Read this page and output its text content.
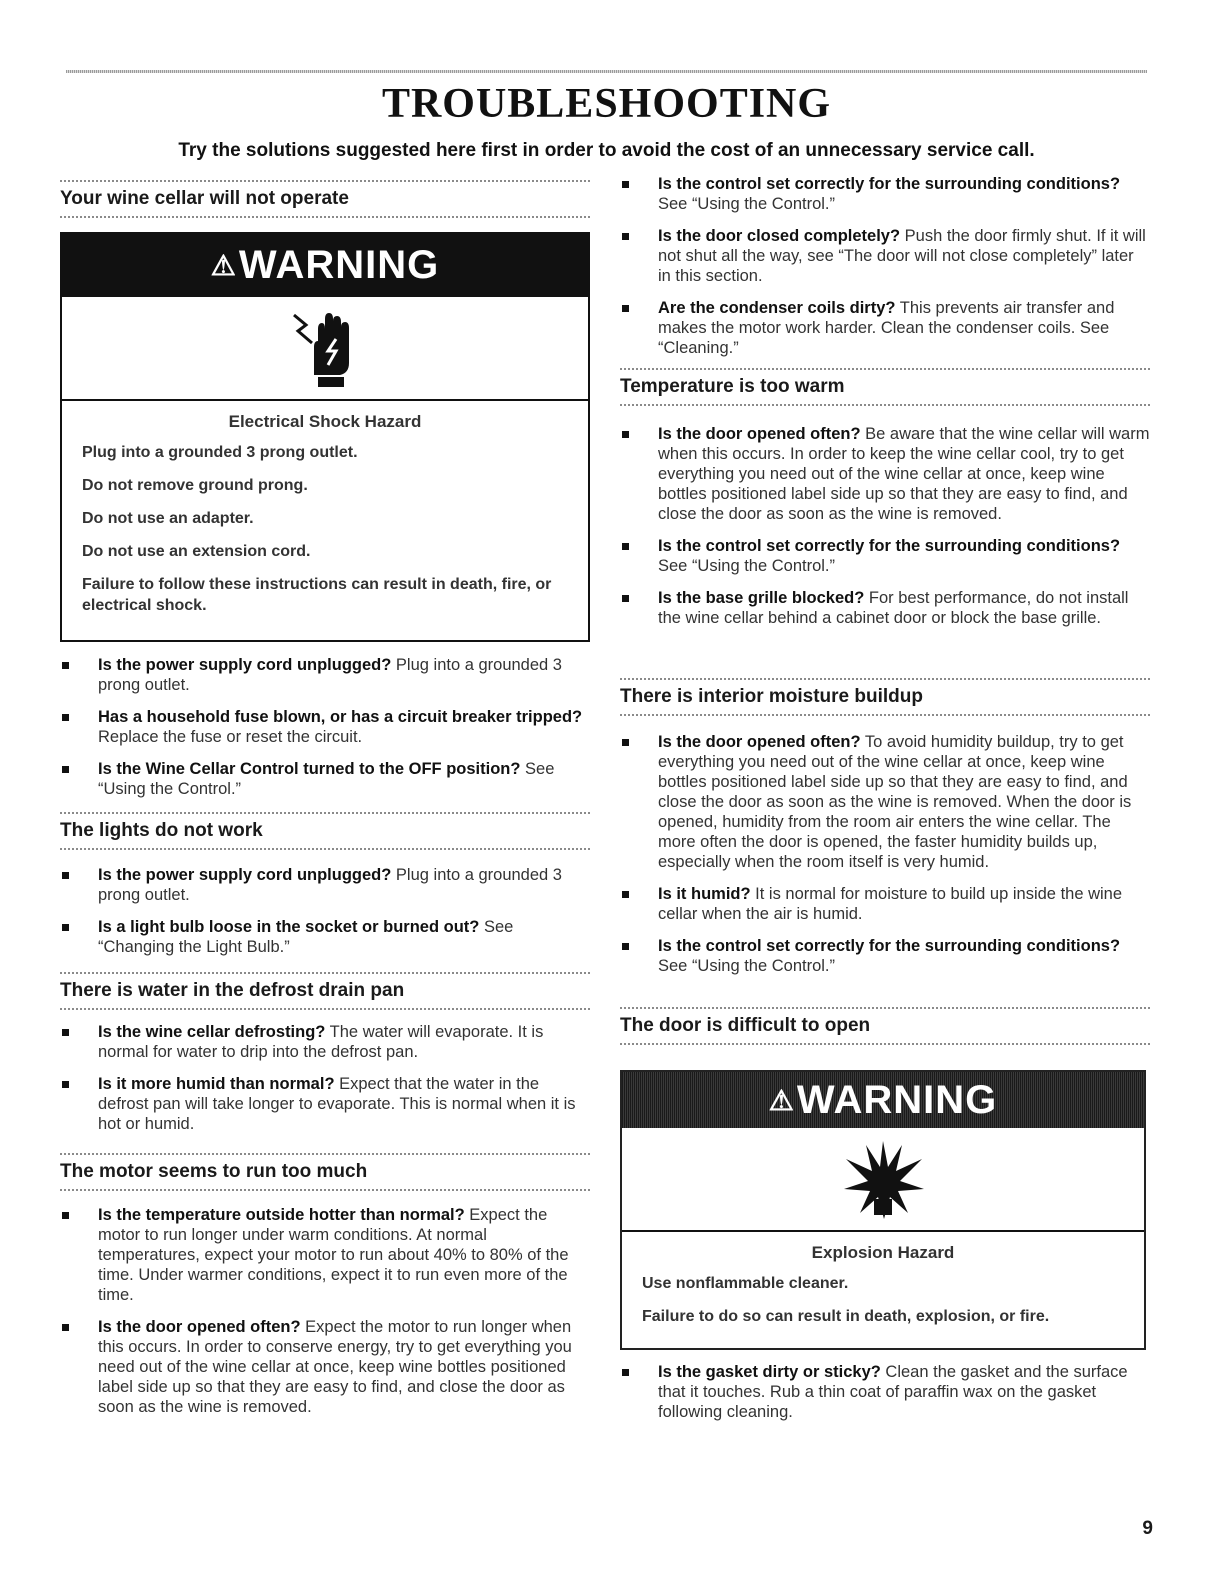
TROUBLESHOOTING

Try the solutions suggested here first in order to avoid the cost of an unnecessary service call.

Your wine cellar will not operate
⚠WARNING
Electrical Shock Hazard

Plug into a grounded 3 prong outlet.

Do not remove ground prong.

Do not use an adapter.

Do not use an extension cord.

Failure to follow these instructions can result in death, fire, or electrical shock.

Is the power supply cord unplugged? Plug into a grounded 3 prong outlet.
Has a household fuse blown, or has a circuit breaker tripped? Replace the fuse or reset the circuit.
Is the Wine Cellar Control turned to the OFF position? See “Using the Control.”
The lights do not work
Is the power supply cord unplugged? Plug into a grounded 3 prong outlet.
Is a light bulb loose in the socket or burned out? See “Changing the Light Bulb.”
There is water in the defrost drain pan
Is the wine cellar defrosting? The water will evaporate. It is normal for water to drip into the defrost pan.
Is it more humid than normal? Expect that the water in the defrost pan will take longer to evaporate. This is normal when it is hot or humid.
The motor seems to run too much
Is the temperature outside hotter than normal? Expect the motor to run longer under warm conditions. At normal temperatures, expect your motor to run about 40% to 80% of the time. Under warmer conditions, expect it to run even more of the time.
Is the door opened often? Expect the motor to run longer when this occurs. In order to conserve energy, try to get everything you need out of the wine cellar at once, keep wine bottles positioned label side up so that they are easy to find, and close the door as soon as the wine is removed.
Is the control set correctly for the surrounding conditions? See “Using the Control.”
Is the door closed completely? Push the door firmly shut. If it will not shut all the way, see “The door will not close completely” later in this section.
Are the condenser coils dirty? This prevents air transfer and makes the motor work harder. Clean the condenser coils. See “Cleaning.”
Temperature is too warm
Is the door opened often? Be aware that the wine cellar will warm when this occurs. In order to keep the wine cellar cool, try to get everything you need out of the wine cellar at once, keep wine bottles positioned label side up so that they are easy to find, and close the door as soon as the wine is removed.
Is the control set correctly for the surrounding conditions? See “Using the Control.”
Is the base grille blocked? For best performance, do not install the wine cellar behind a cabinet door or block the base grille.
There is interior moisture buildup
Is the door opened often? To avoid humidity buildup, try to get everything you need out of the wine cellar at once, keep wine bottles positioned label side up so that they are easy to find, and close the door as soon as the wine is removed. When the door is opened, humidity from the room air enters the wine cellar. The more often the door is opened, the faster humidity builds up, especially when the room itself is very humid.
Is it humid? It is normal for moisture to build up inside the wine cellar when the air is humid.
Is the control set correctly for the surrounding conditions? See “Using the Control.”
The door is difficult to open
⚠WARNING
Explosion Hazard

Use nonflammable cleaner.

Failure to do so can result in death, explosion, or fire.

Is the gasket dirty or sticky? Clean the gasket and the surface that it touches. Rub a thin coat of paraffin wax on the gasket following cleaning.
9
